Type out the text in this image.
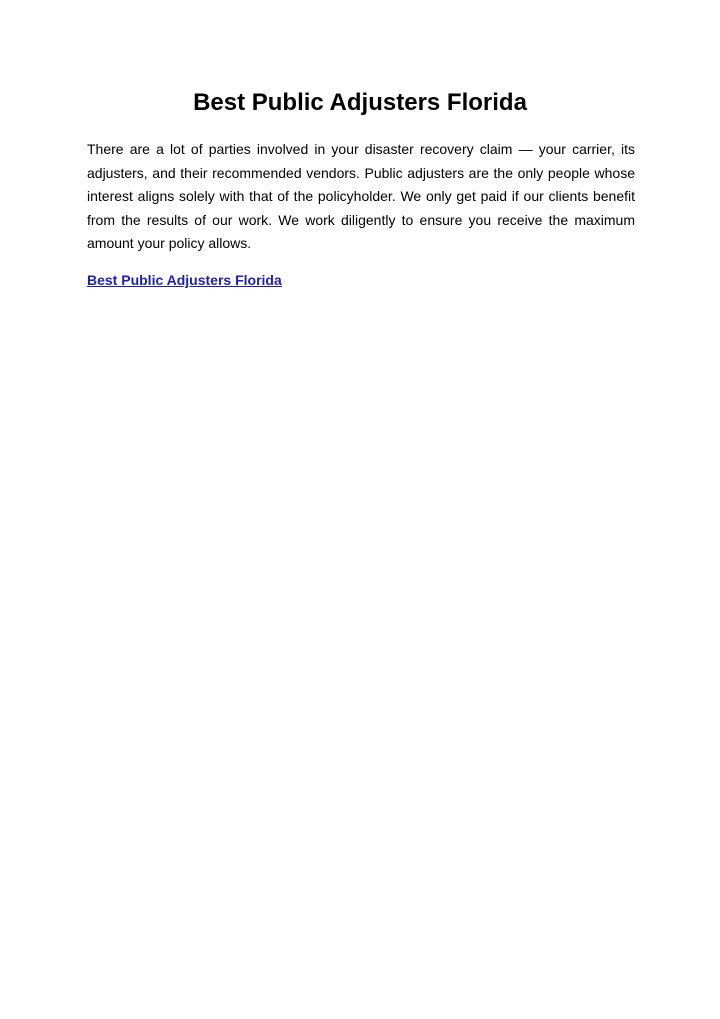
Best Public Adjusters Florida

There are a lot of parties involved in your disaster recovery claim — your carrier, its adjusters, and their recommended vendors. Public adjusters are the only people whose interest aligns solely with that of the policyholder. We only get paid if our clients benefit from the results of our work. We work diligently to ensure you receive the maximum amount your policy allows.

Best Public Adjusters Florida
